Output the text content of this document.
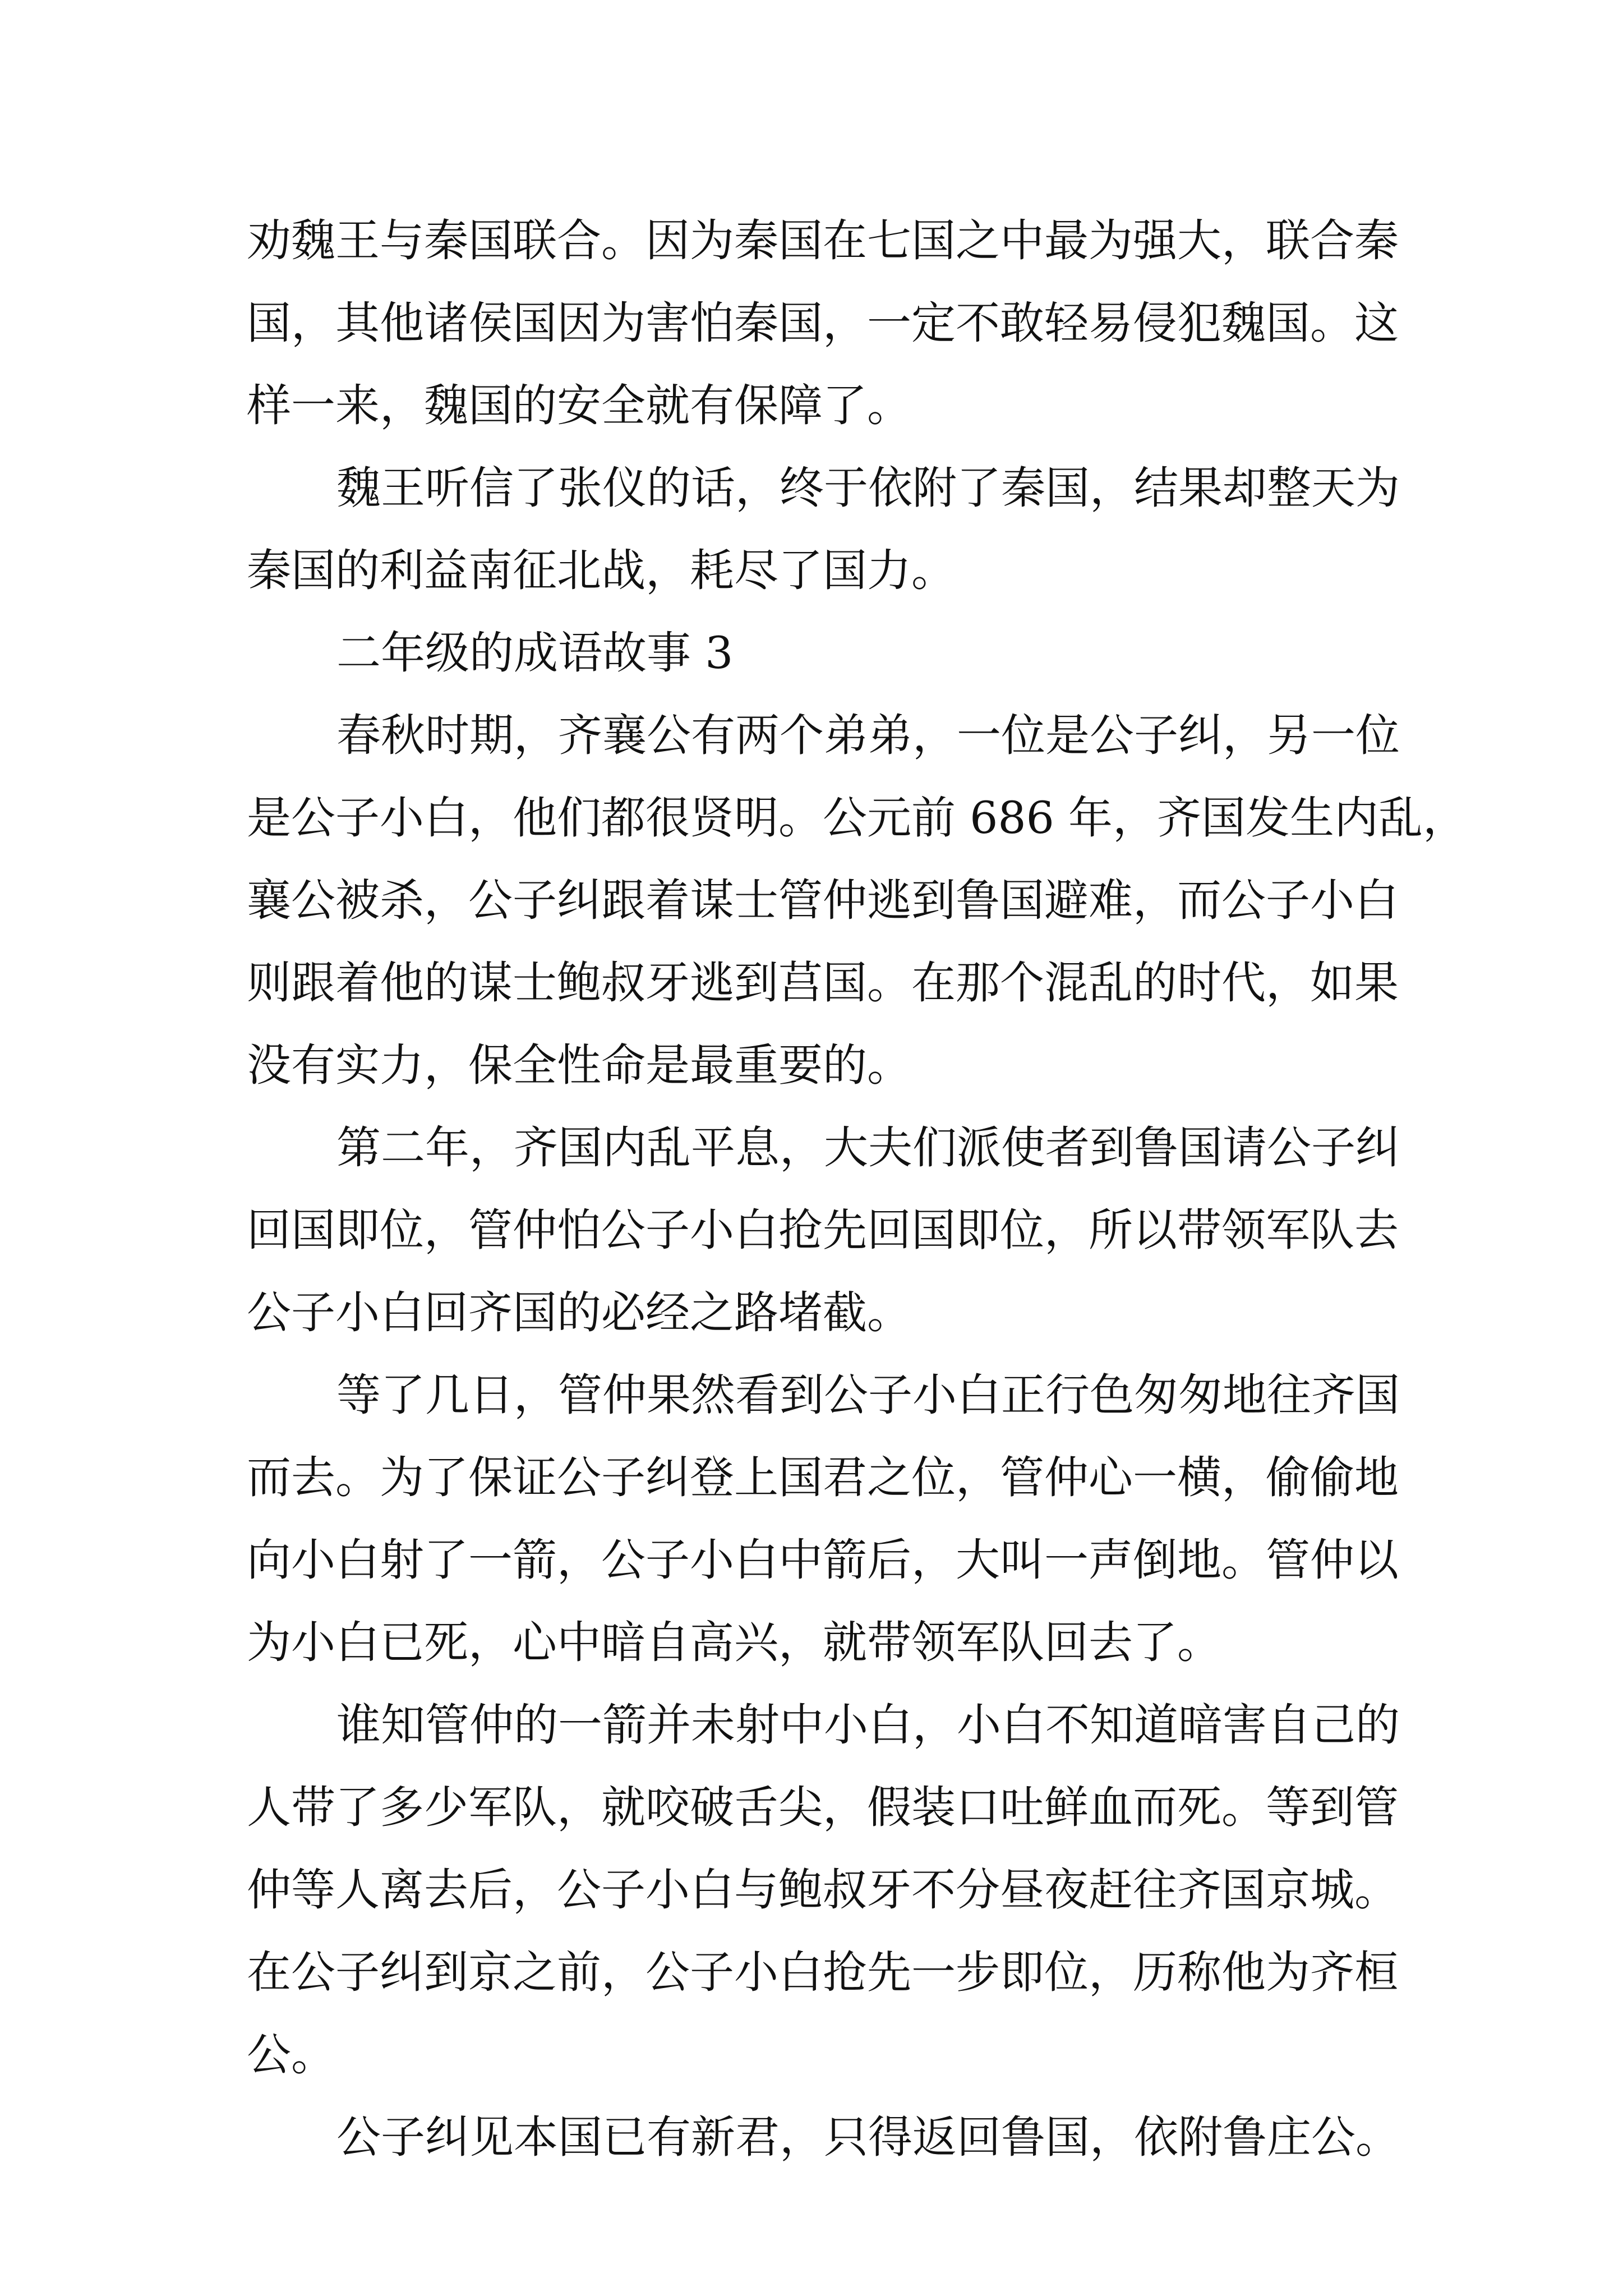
劝魏王与秦国联合。因为秦国在七国之中最为强大，联合秦
国，其他诸侯国因为害怕秦国，一定不敢轻易侵犯魏国。这
样一来，魏国的安全就有保障了。

魏王听信了张仪的话，终于依附了秦国，结果却整天为
秦国的利益南征北战，耗尽了国力。

二年级的成语故事 3

春秋时期，齐襄公有两个弟弟，一位是公子纠，另一位
是公子小白，他们都很贤明。公元前 686 年，齐国发生内乱，
襄公被杀，公子纠跟着谋士管仲逃到鲁国避难，而公子小白
则跟着他的谋士鲍叔牙逃到莒国。在那个混乱的时代，如果
没有实力，保全性命是最重要的。

第二年，齐国内乱平息，大夫们派使者到鲁国请公子纠
回国即位，管仲怕公子小白抢先回国即位，所以带领军队去
公子小白回齐国的必经之路堵截。

等了几日，管仲果然看到公子小白正行色匆匆地往齐国
而去。为了保证公子纠登上国君之位，管仲心一横，偷偷地
向小白射了一箭，公子小白中箭后，大叫一声倒地。管仲以
为小白已死，心中暗自高兴，就带领军队回去了。

谁知管仲的一箭并未射中小白，小白不知道暗害自己的
人带了多少军队，就咬破舌尖，假装口吐鲜血而死。等到管
仲等人离去后，公子小白与鲍叔牙不分昼夜赶往齐国京城。
在公子纠到京之前，公子小白抢先一步即位，历称他为齐桓
公。

公子纠见本国已有新君，只得返回鲁国，依附鲁庄公。
